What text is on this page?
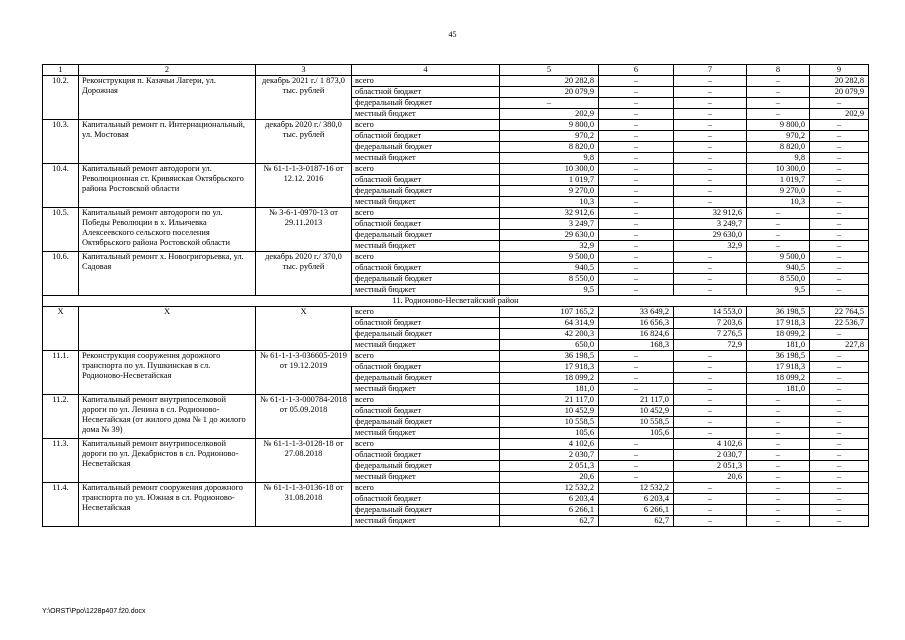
45
1	2	3	4	5	6	7	8	9
10.2.	Реконструкция п. Казачьи Лагери, ул. Дорожная	декабрь 2021 г./ 1 873,0 тыс. рублей	всего	20 282,8	–	–	–	20 282,8
			областной бюджет	20 079,9	–	–	–	20 079,9
			федеральный бюджет	–	–	–	–	–
			местный бюджет	202,9	–	–	–	202,9
10.3.	Капитальный ремонт п. Интернациональный, ул. Мостовая	декабрь 2020 г./ 380,0 тыс. рублей	всего	9 800,0	–	–	9 800,0	–
			областной бюджет	970,2	–	–	970,2	–
			федеральный бюджет	8 820,0	–	–	8 820,0	–
			местный бюджет	9,8	–	–	9,8	–
10.4.	Капитальный ремонт автодороги ул. Революционная ст. Кривянская Октябрьского района Ростовской области	№ 61-1-1-3-0187-16 от 12.12. 2016	всего	10 300,0	–	–	10 300,0	–
			областной бюджет	1 019,7	–	–	1 019,7	–
			федеральный бюджет	9 270,0	–	–	9 270,0	–
			местный бюджет	10,3	–	–	10,3	–
10.5.	Капитальный ремонт автодороги по ул. Победы Революции в х. Ильичевка Алексеевского сельского поселения Октябрьского района Ростовской области	№ 3-6-1-0970-13 от 29.11.2013	всего	32 912,6	–	32 912,6	–	–
			областной бюджет	3 249,7	–	3 249,7	–	–
			федеральный бюджет	29 630,0	–	29 630,0	–	–
			местный бюджет	32,9	–	32,9	–	–
10.6.	Капитальный ремонт х. Новогригорьевка, ул. Садовая	декабрь 2020 г./ 370,0 тыс. рублей	всего	9 500,0	–	–	9 500,0	–
			областной бюджет	940,5	–	–	940,5	–
			федеральный бюджет	8 550,0	–	–	8 550,0	–
			местный бюджет	9,5	–	–	9,5	–
11. Родионово-Несветайский район								
X	X	X	всего	107 165,2	33 649,2	14 553,0	36 198,5	22 764,5
			областной бюджет	64 314,9	16 656,3	7 203,6	17 918,3	22 536,7
			федеральный бюджет	42 200,3	16 824,6	7 276,5	18 099,2	–
			местный бюджет	650,0	168,3	72,9	181,0	227,8
11.1.	Реконструкция сооружения дорожного транспорта по ул. Пушкинская в сл. Родионово-Несветайская	№ 61-1-1-3-036605-2019 от 19.12.2019	всего	36 198,5	–	–	36 198,5	–
			областной бюджет	17 918,3	–	–	17 918,3	–
			федеральный бюджет	18 099,2	–	–	18 099,2	–
			местный бюджет	181,0	–	–	181,0	–
11.2.	Капитальный ремонт внутрипоселковой дороги по ул. Ленина в сл. Родионово-Несветайская (от жилого дома № 1 до жилого дома № 39)	№ 61-1-1-3-000784-2018 от 05.09.2018	всего	21 117,0	21 117,0	–	–	–
			областной бюджет	10 452,9	10 452,9	–	–	–
			федеральный бюджет	10 558,5	10 558,5	–	–	–
			местный бюджет	105,6	105,6	–	–	–
11.3.	Капитальный ремонт внутрипоселковой дороги по ул. Декабристов в сл. Родионово-Несветайская	№ 61-1-1-3-0128-18 от 27.08.2018	всего	4 102,6	–	4 102,6	–	–
			областной бюджет	2 030,7	–	2 030,7	–	–
			федеральный бюджет	2 051,3	–	2 051,3	–	–
			местный бюджет	20,6	–	20,6	–	–
11.4.	Капитальный ремонт сооружения дорожного транспорта по ул. Южная в сл. Родионово-Несветайская	№ 61-1-1-3-0136-18 от 31.08.2018	всего	12 532,2	12 532,2	–	–	–
			областной бюджет	6 203,4	6 203,4	–	–	–
			федеральный бюджет	6 266,1	6 266,1	–	–	–
			местный бюджет	62,7	62,7	–	–	–
Y:\ORST\Ppo\1228p407.f20.docx
